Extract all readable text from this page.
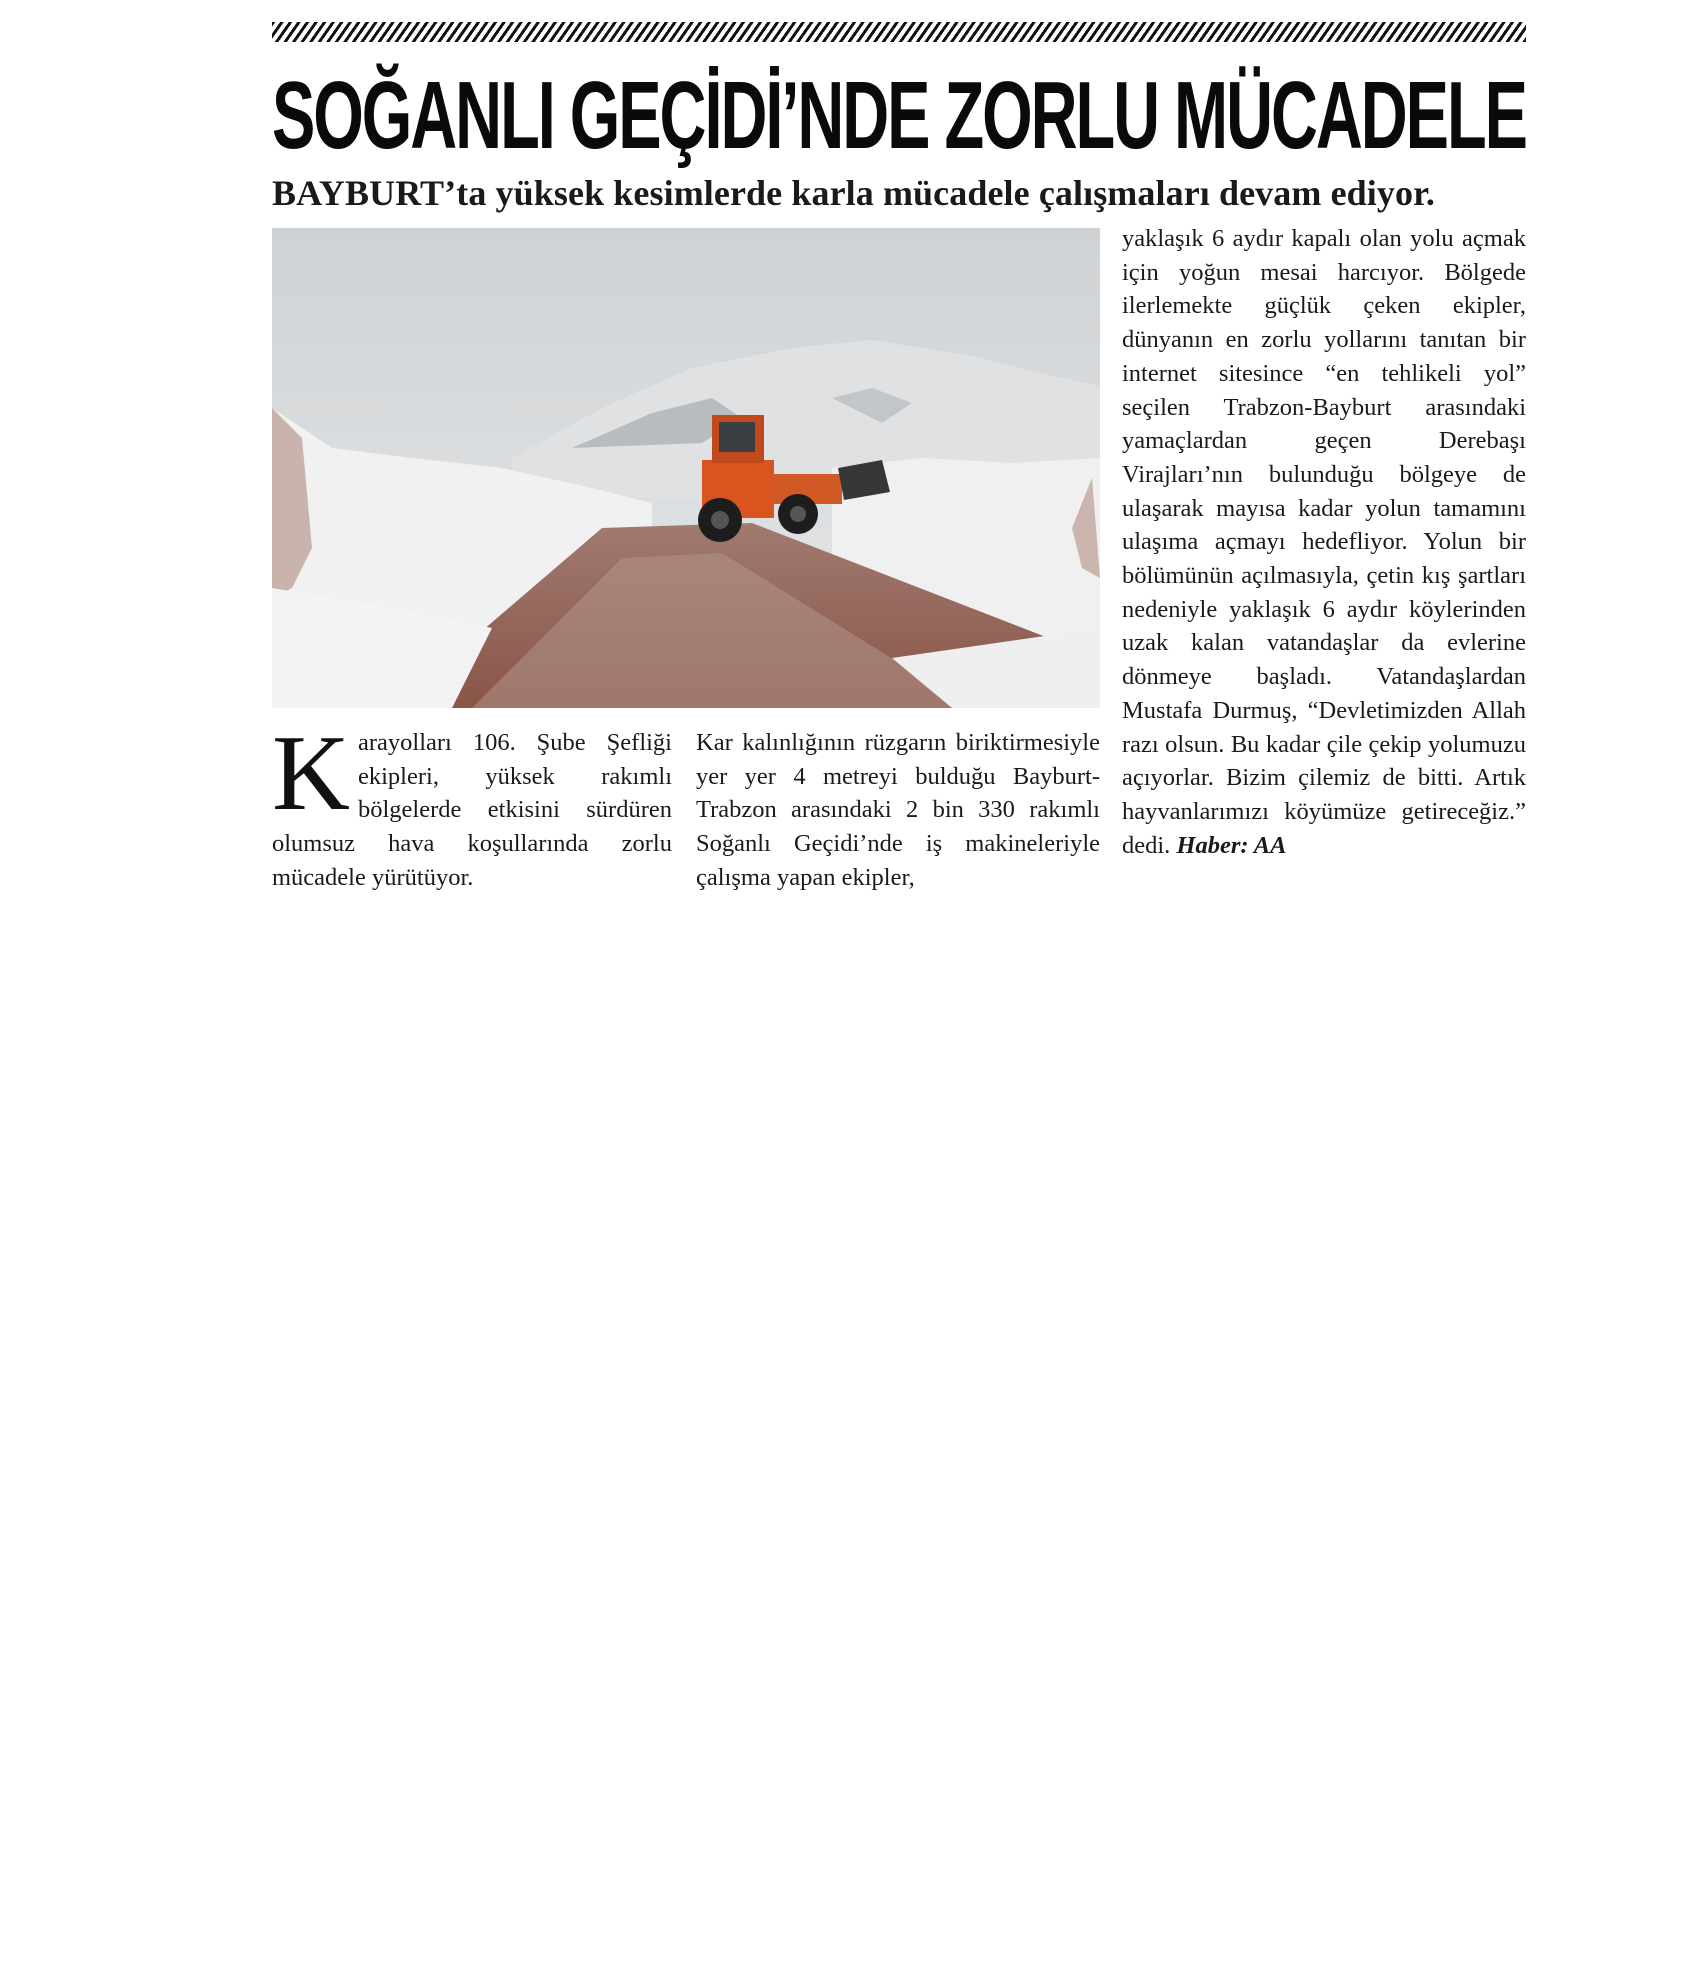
SOĞANLI GEÇİDİ’NDE ZORLU MÜCADELE
BAYBURT’ta yüksek kesimlerde karla mücadele çalışmaları devam ediyor.
K arayolları 106. Şube Şefliği ekipleri, yüksek rakımlı bölgelerde etkisini sürdüren olumsuz hava koşullarında zorlu mücadele yürütüyor.
Kar kalınlığının rüzgarın biriktirmesiyle yer yer 4 metreyi bulduğu Bayburt-Trabzon arasındaki 2 bin 330 rakımlı Soğanlı Geçidi’nde iş makineleriyle çalışma yapan ekipler,
yaklaşık 6 aydır kapalı olan yolu açmak için yoğun mesai harcıyor. Bölgede ilerlemekte güçlük çeken ekipler, dünyanın en zorlu yollarını tanıtan bir internet sitesince “en tehlikeli yol” seçilen Trabzon-Bayburt arasındaki yamaçlardan geçen Derebaşı Virajları’nın bulunduğu bölgeye de ulaşarak mayısa kadar yolun tamamını ulaşıma açmayı hedefliyor. Yolun bir bölümünün açılmasıyla, çetin kış şartları nedeniyle yaklaşık 6 aydır köylerinden uzak kalan vatandaşlar da evlerine dönmeye başladı. Vatandaşlardan Mustafa Durmuş, “Devletimizden Allah razı olsun. Bu kadar çile çekip yolumuzu açıyorlar. Bizim çilemiz de bitti. Artık hayvanlarımızı köyümüze getireceğiz.” dedi. Haber: AA
